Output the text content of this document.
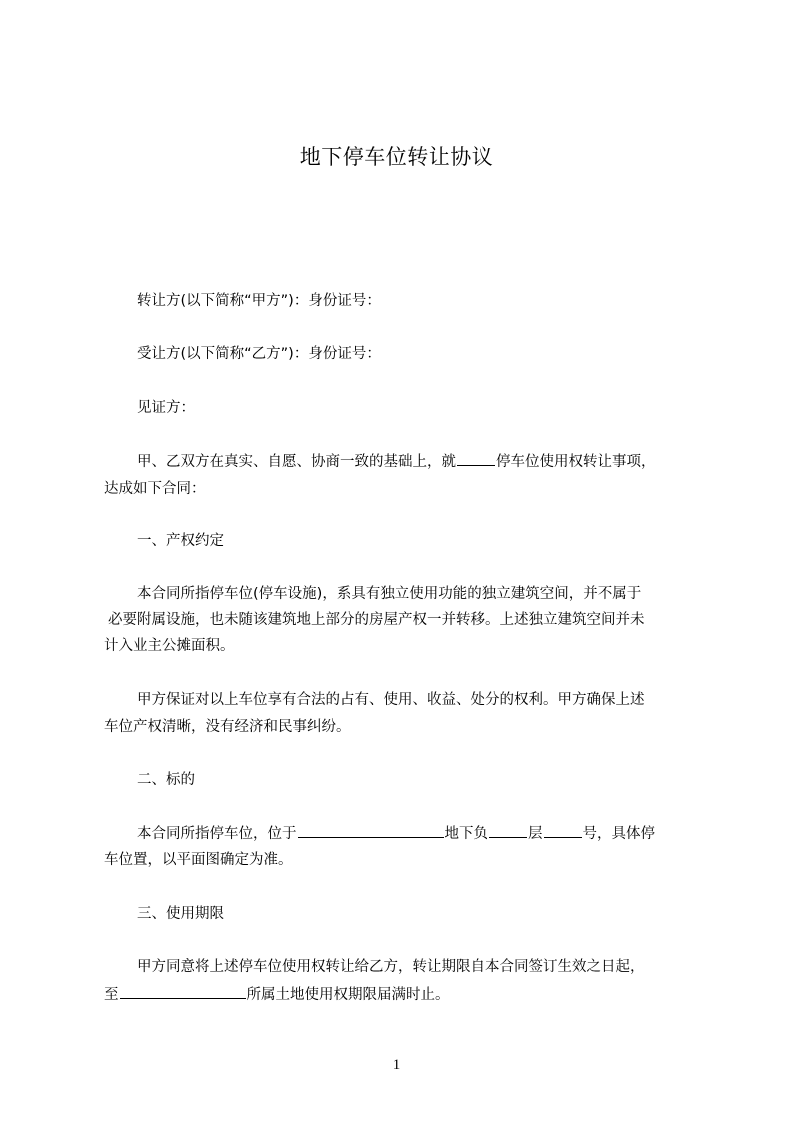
地下停车位转让协议
转让方(以下简称“甲方”)：身份证号：
受让方(以下简称“乙方”)：身份证号：
见证方：
甲、乙双方在真实、自愿、协商一致的基础上，就	停车位使用权转让事项，
达成如下合同：
一、产权约定
本合同所指停车位(停车设施)，系具有独立使用功能的独立建筑空间，并不属于
必要附属设施，也未随该建筑地上部分的房屋产权一并转移。上述独立建筑空间并未
计入业主公摊面积。
甲方保证对以上车位享有合法的占有、使用、收益、处分的权利。甲方确保上述
车位产权清晰，没有经济和民事纠纷。
二、标的
本合同所指停车位，位于	地下负	层	号，具体停
车位置，以平面图确定为准。
三、使用期限
甲方同意将上述停车位使用权转让给乙方，转让期限自本合同签订生效之日起，
至	所属土地使用权期限届满时止。
1
